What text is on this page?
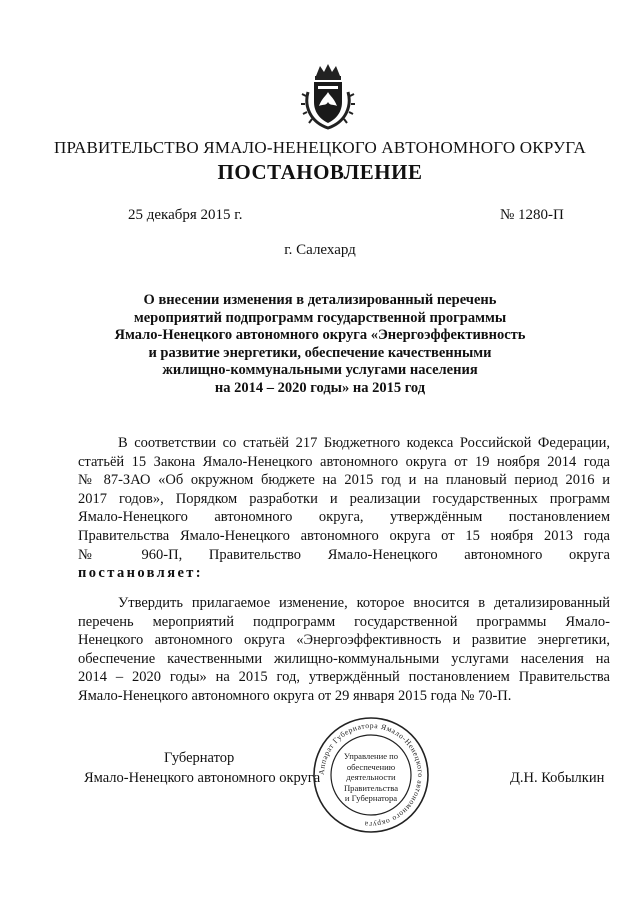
ПРАВИТЕЛЬСТВО ЯМАЛО-НЕНЕЦКОГО АВТОНОМНОГО ОКРУГА
ПОСТАНОВЛЕНИЕ
25 декабря 2015 г.	№ 1280-П
г. Салехард
О внесении изменения в детализированный перечень
мероприятий подпрограмм государственной программы
Ямало-Ненецкого автономного округа «Энергоэффективность
и развитие энергетики, обеспечение качественными
жилищно-коммунальными услугами населения
на 2014 – 2020 годы» на 2015 год
В соответствии со статьёй 217 Бюджетного кодекса Российской Федерации,
статьёй 15 Закона Ямало-Ненецкого автономного округа от 19 ноября 2014 года
№ 87-ЗАО «Об окружном бюджете на 2015 год и на плановый период 2016 и
2017 годов», Порядком разработки и реализации государственных программ
Ямало-Ненецкого автономного округа, утверждённым постановлением
Правительства Ямало-Ненецкого автономного округа от 15 ноября 2013 года
№ 960-П, Правительство Ямало-Ненецкого автономного округа
постановляет:
Утвердить прилагаемое изменение, которое вносится в детализированный
перечень мероприятий подпрограмм государственной программы Ямало-
Ненецкого автономного округа «Энергоэффективность и развитие энергетики,
обеспечение качественными жилищно-коммунальными услугами населения на
2014 – 2020 годы» на 2015 год, утверждённый постановлением Правительства
Ямало-Ненецкого автономного округа от 29 января 2015 года № 70-П.
Губернатор
Ямало-Ненецкого автономного округа	Д.Н. Кобылкин
Аппарат Губернатора Ямало-Ненецкого автономного округа
Управление по
обеспечению
деятельности
Правительства
и Губернатора
